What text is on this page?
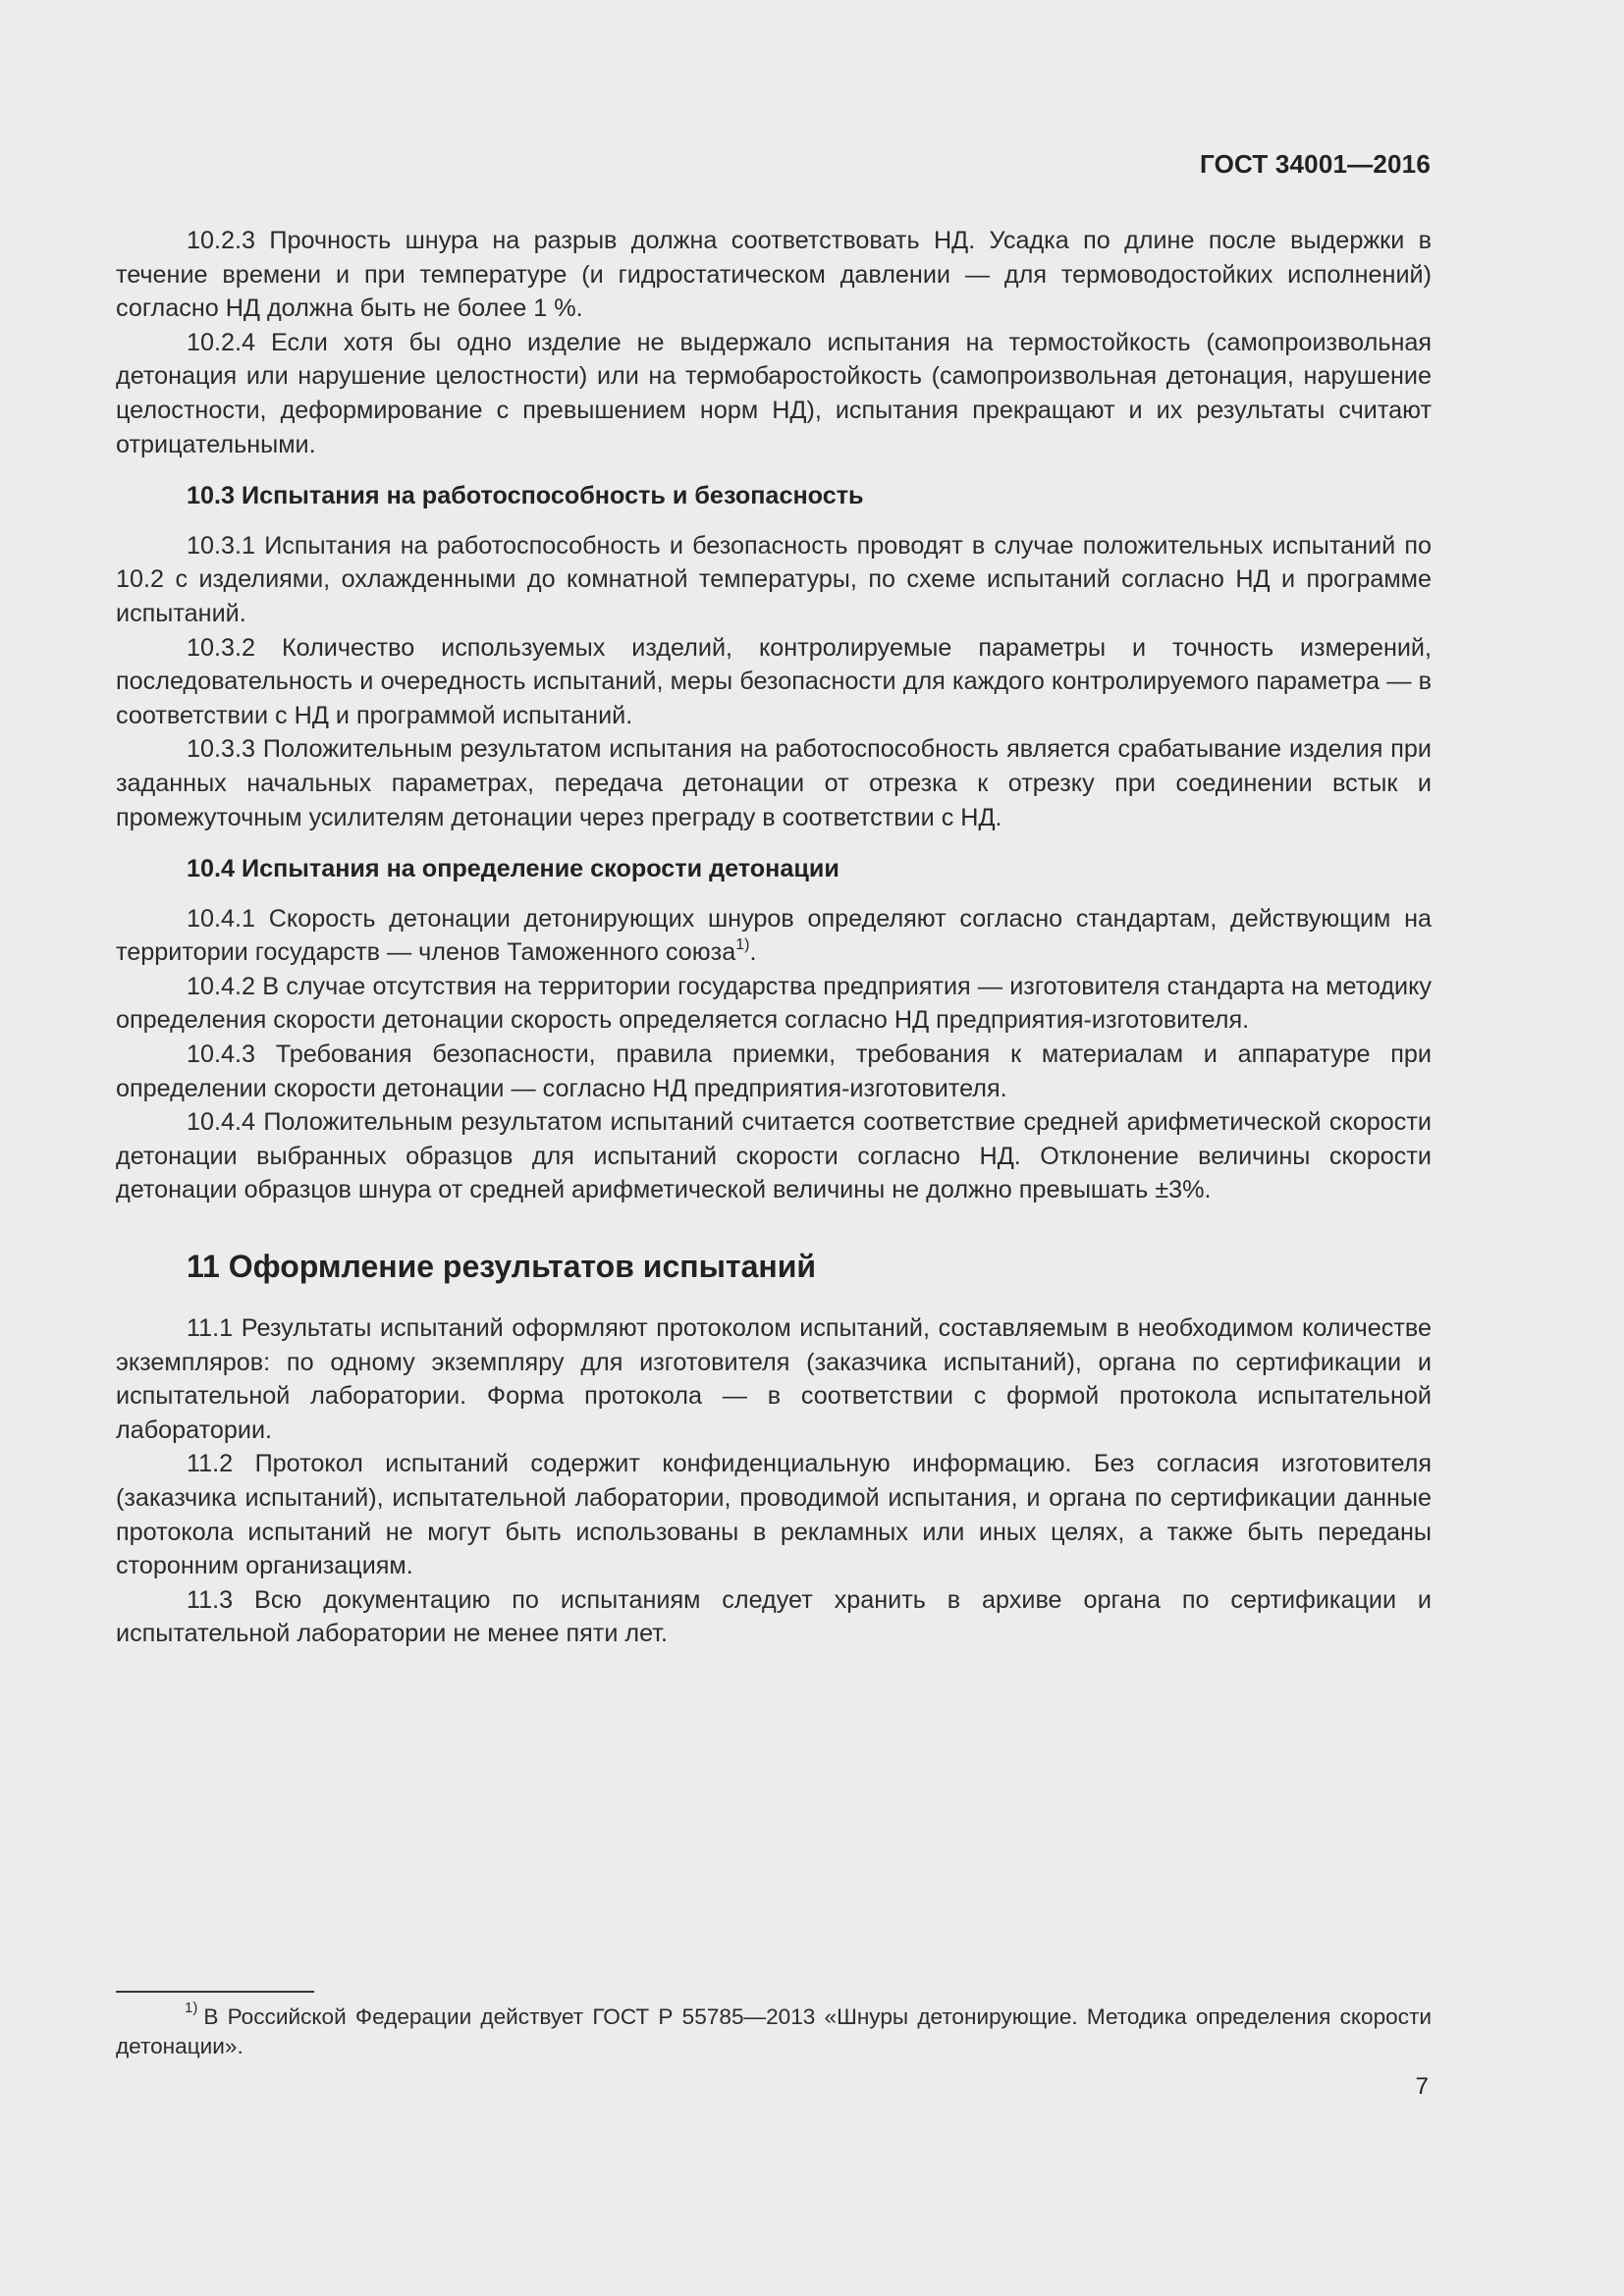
ГОСТ 34001—2016

10.2.3 Прочность шнура на разрыв должна соответствовать НД. Усадка по длине после выдержки в течение времени и при температуре (и гидростатическом давлении — для термоводостойких исполнений) согласно НД должна быть не более 1 %.

10.2.4 Если хотя бы одно изделие не выдержало испытания на термостойкость (самопроизвольная детонация или нарушение целостности) или на термобаростойкость (самопроизвольная детонация, нарушение целостности, деформирование с превышением норм НД), испытания прекращают и их результаты считают отрицательными.

10.3 Испытания на работоспособность и безопасность

10.3.1 Испытания на работоспособность и безопасность проводят в случае положительных испытаний по 10.2 с изделиями, охлажденными до комнатной температуры, по схеме испытаний согласно НД и программе испытаний.

10.3.2 Количество используемых изделий, контролируемые параметры и точность измерений, последовательность и очередность испытаний, меры безопасности для каждого контролируемого параметра — в соответствии с НД и программой испытаний.

10.3.3 Положительным результатом испытания на работоспособность является срабатывание изделия при заданных начальных параметрах, передача детонации от отрезка к отрезку при соединении встык и промежуточным усилителям детонации через преграду в соответствии с НД.

10.4 Испытания на определение скорости детонации

10.4.1 Скорость детонации детонирующих шнуров определяют согласно стандартам, действующим на территории государств — членов Таможенного союза$^{1)}$.

10.4.2 В случае отсутствия на территории государства предприятия — изготовителя стандарта на методику определения скорости детонации скорость определяется согласно НД предприятия-изготовителя.

10.4.3 Требования безопасности, правила приемки, требования к материалам и аппаратуре при определении скорости детонации — согласно НД предприятия-изготовителя.

10.4.4 Положительным результатом испытаний считается соответствие средней арифметической скорости детонации выбранных образцов для испытаний скорости согласно НД. Отклонение величины скорости детонации образцов шнура от средней арифметической величины не должно превышать ±3%.

11 Оформление результатов испытаний

11.1 Результаты испытаний оформляют протоколом испытаний, составляемым в необходимом количестве экземпляров: по одному экземпляру для изготовителя (заказчика испытаний), органа по сертификации и испытательной лаборатории. Форма протокола — в соответствии с формой протокола испытательной лаборатории.

11.2 Протокол испытаний содержит конфиденциальную информацию. Без согласия изготовителя (заказчика испытаний), испытательной лаборатории, проводимой испытания, и органа по сертификации данные протокола испытаний не могут быть использованы в рекламных или иных целях, а также быть переданы сторонним организациям.

11.3 Всю документацию по испытаниям следует хранить в архиве органа по сертификации и испытательной лаборатории не менее пяти лет.

$^{1)}$ В Российской Федерации действует ГОСТ Р 55785—2013 «Шнуры детонирующие. Методика определения скорости детонации».
7
